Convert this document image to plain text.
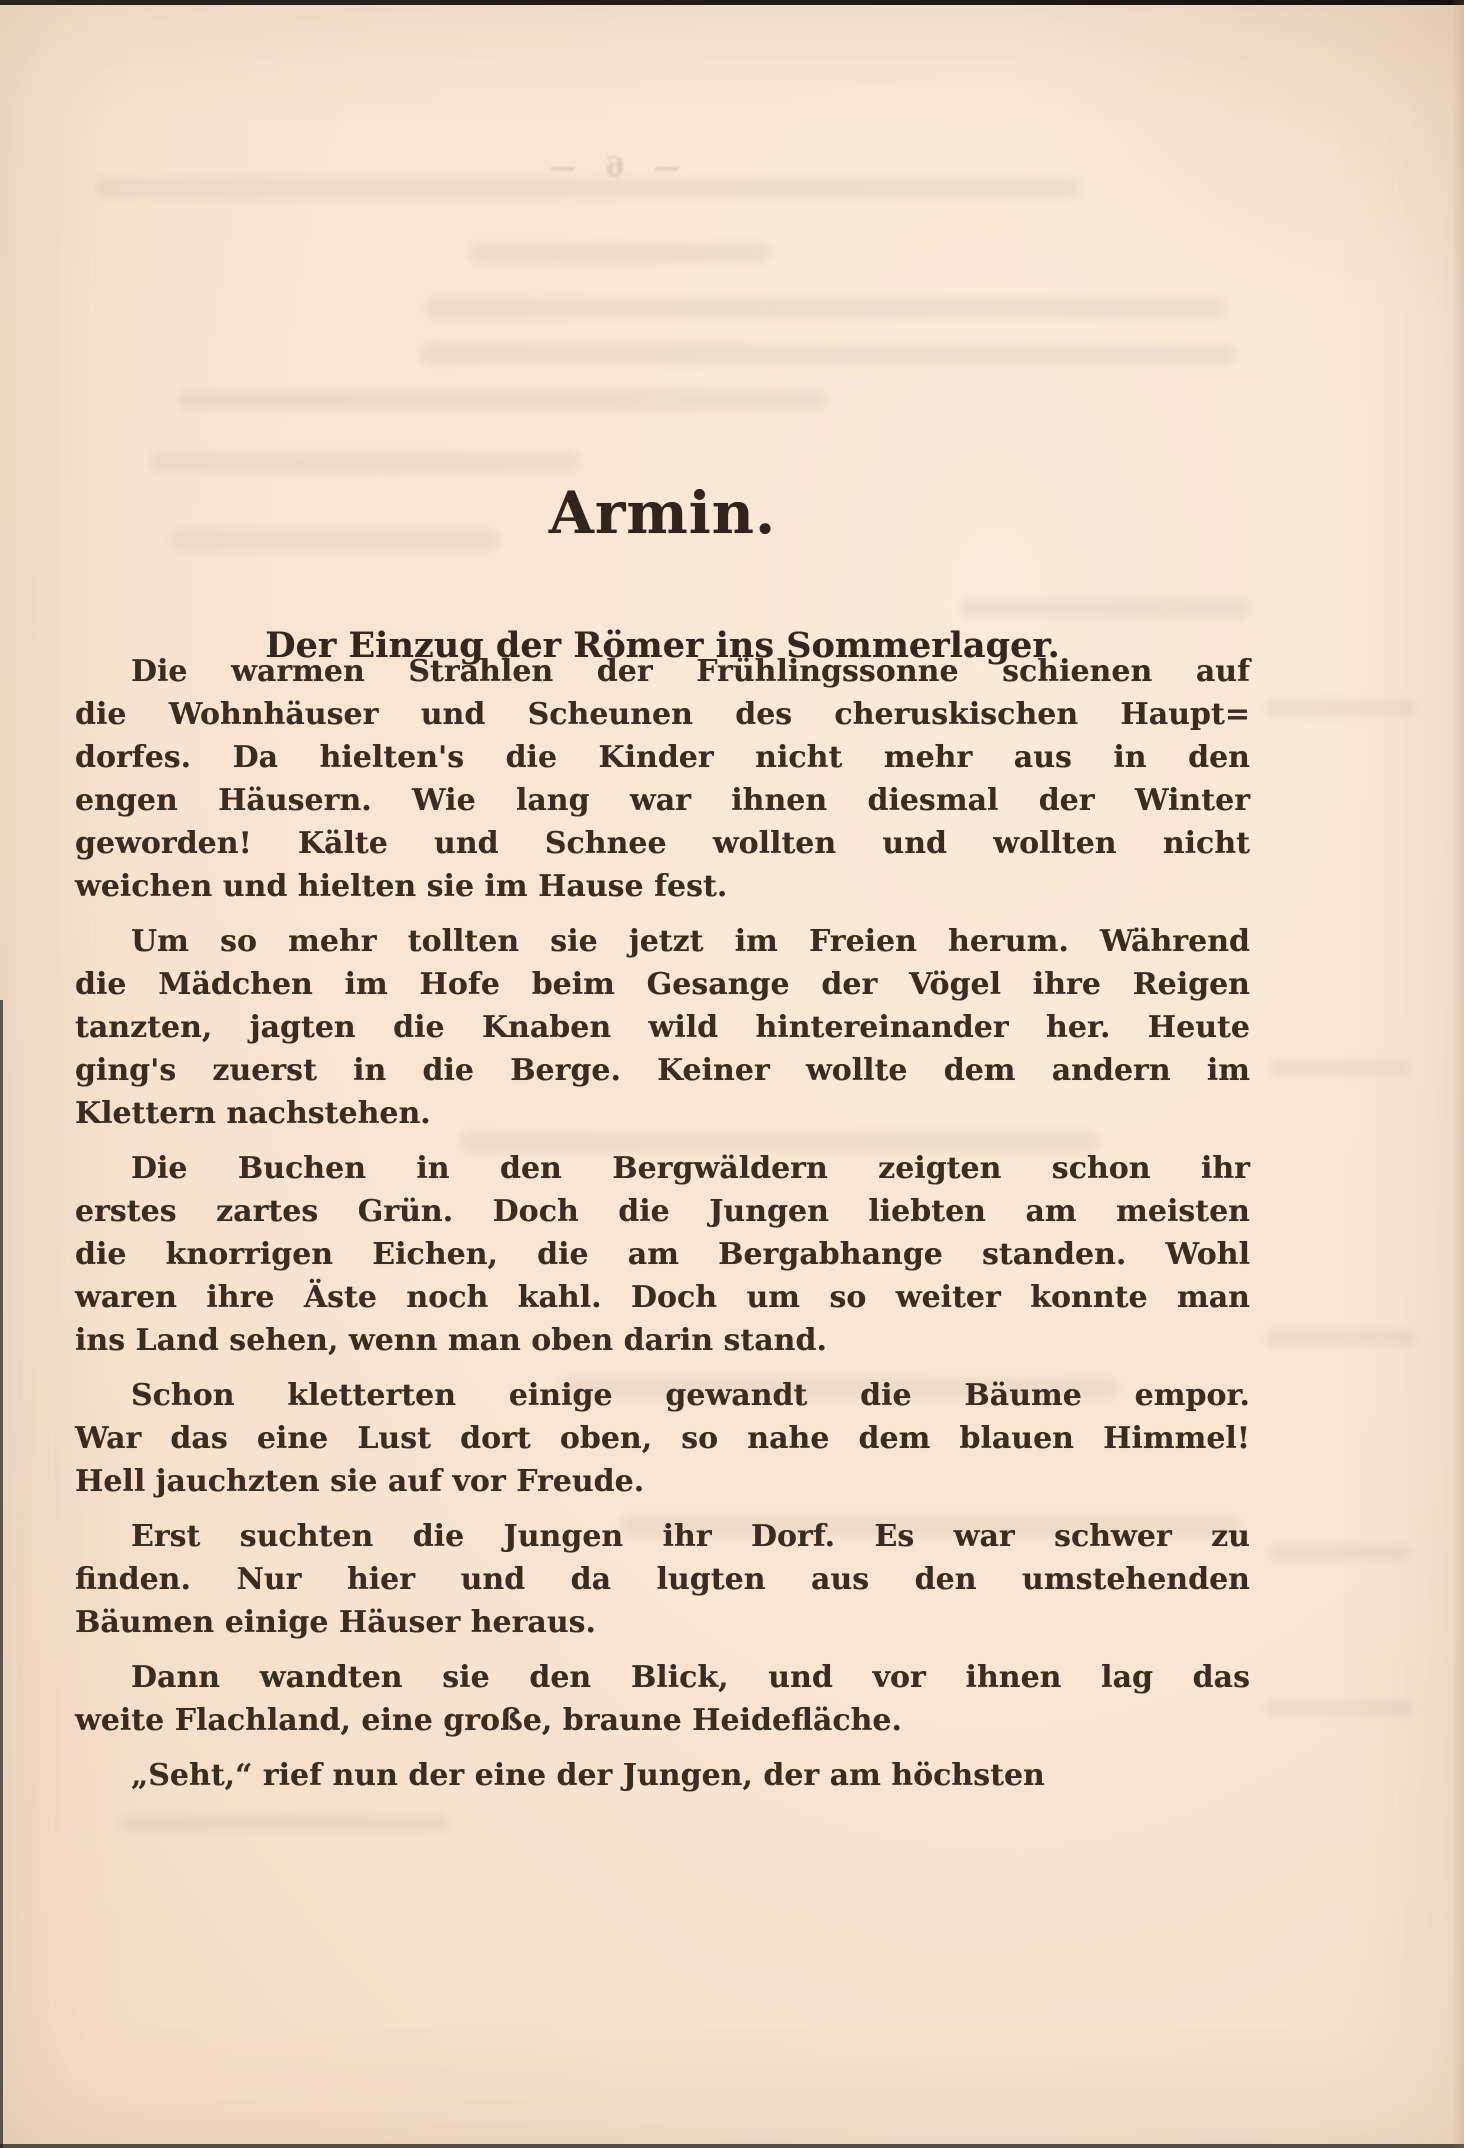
— 6 —
Armin.
Der Einzug der Römer ins Sommerlager.

Die warmen Strahlen der Frühlingssonne schienen auf
die Wohnhäuser und Scheunen des cheruskischen Haupt=
dorfes. Da hielten's die Kinder nicht mehr aus in den
engen Häusern. Wie lang war ihnen diesmal der Winter
geworden! Kälte und Schnee wollten und wollten nicht
weichen und hielten sie im Hause fest.

Um so mehr tollten sie jetzt im Freien herum. Während
die Mädchen im Hofe beim Gesange der Vögel ihre Reigen
tanzten, jagten die Knaben wild hintereinander her. Heute
ging's zuerst in die Berge. Keiner wollte dem andern im
Klettern nachstehen.

Die Buchen in den Bergwäldern zeigten schon ihr
erstes zartes Grün. Doch die Jungen liebten am meisten
die knorrigen Eichen, die am Bergabhange standen. Wohl
waren ihre Äste noch kahl. Doch um so weiter konnte man
ins Land sehen, wenn man oben darin stand.

Schon kletterten einige gewandt die Bäume empor.
War das eine Lust dort oben, so nahe dem blauen Himmel!
Hell jauchzten sie auf vor Freude.

Erst suchten die Jungen ihr Dorf. Es war schwer zu
finden. Nur hier und da lugten aus den umstehenden
Bäumen einige Häuser heraus.

Dann wandten sie den Blick, und vor ihnen lag das
weite Flachland, eine große, braune Heidefläche.

„Seht,“ rief nun der eine der Jungen, der am höchsten
